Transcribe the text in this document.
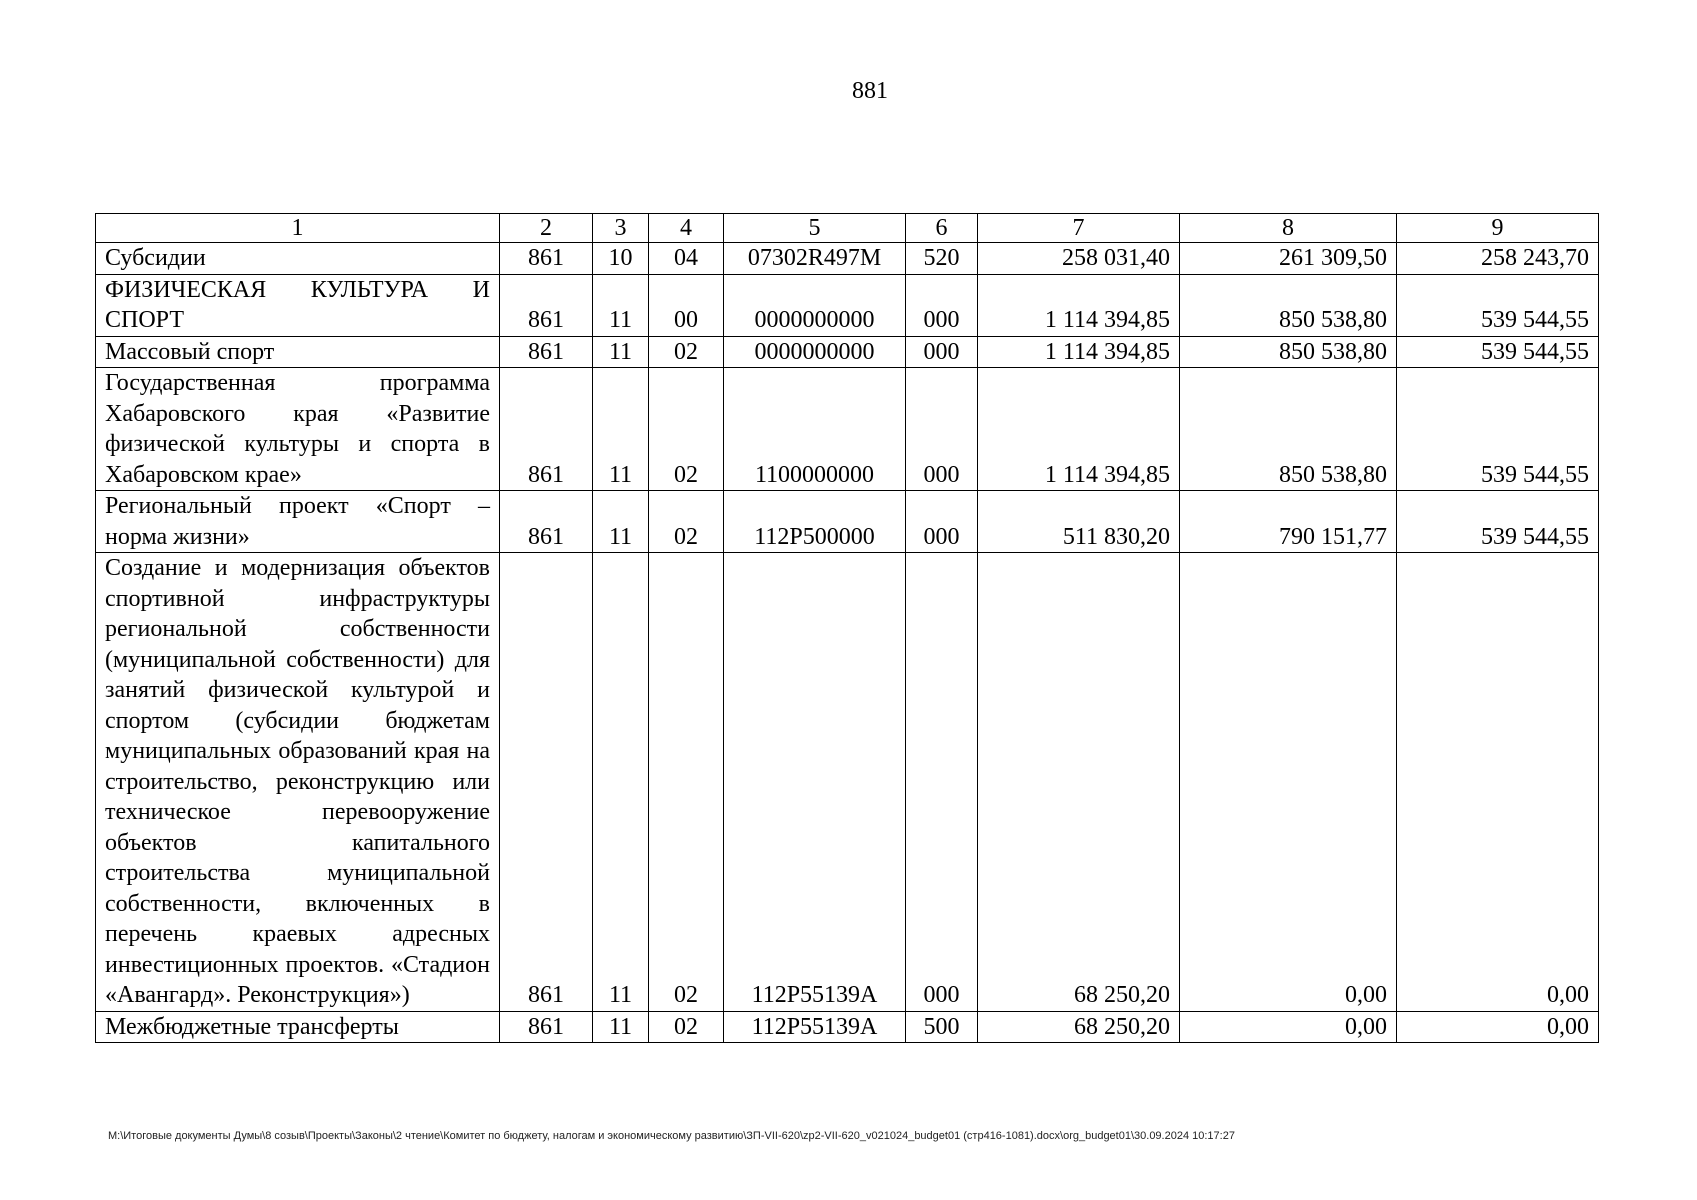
881
1	2	3	4	5	6	7	8	9
Субсидии	861	10	04	07302R497M	520	258 031,40	261 309,50	258 243,70
ФИЗИЧЕСКАЯ КУЛЬТУРА И СПОРТ	861	11	00	0000000000	000	1 114 394,85	850 538,80	539 544,55
Массовый спорт	861	11	02	0000000000	000	1 114 394,85	850 538,80	539 544,55
Государственная программа Хабаровского края «Развитие физической культуры и спорта в Хабаровском крае»	861	11	02	1100000000	000	1 114 394,85	850 538,80	539 544,55
Региональный проект «Спорт – норма жизни»	861	11	02	112P500000	000	511 830,20	790 151,77	539 544,55
Создание и модернизация объектов спортивной инфраструктуры региональной собственности (муниципальной собственности) для занятий физической культурой и спортом (субсидии бюджетам муниципальных образований края на строительство, реконструкцию или техническое перевооружение объектов капитального строительства муниципальной собственности, включенных в перечень краевых адресных инвестиционных проектов. «Стадион «Авангард». Реконструкция»)	861	11	02	112P55139A	000	68 250,20	0,00	0,00
Межбюджетные трансферты	861	11	02	112P55139A	500	68 250,20	0,00	0,00
M:\Итоговые документы Думы\8 созыв\Проекты\Законы\2 чтение\Комитет по бюджету, налогам и экономическому развитию\ЗП-VII-620\zp2-VII-620_v021024_budget01 (стр416-1081).docx\org_budget01\30.09.2024 10:17:27
